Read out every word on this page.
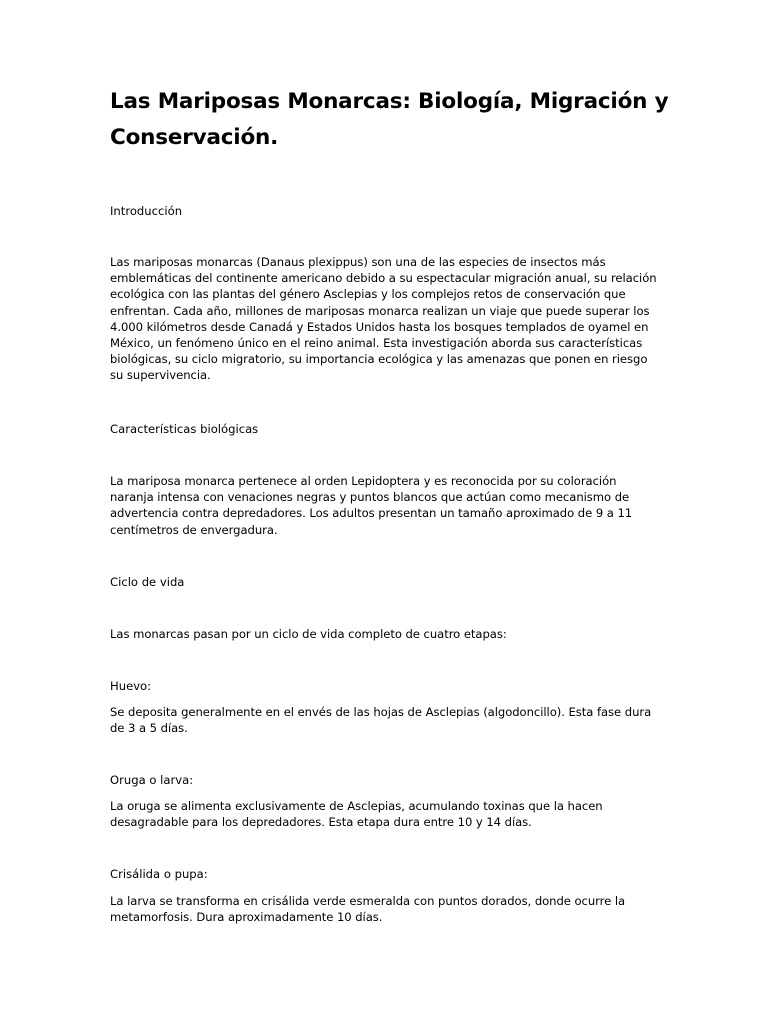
Las Mariposas Monarcas: Biología, Migración y Conservación.

Introducción

Las mariposas monarcas (Danaus plexippus) son una de las especies de insectos más emblemáticas del continente americano debido a su espectacular migración anual, su relación ecológica con las plantas del género Asclepias y los complejos retos de conservación que enfrentan. Cada año, millones de mariposas monarca realizan un viaje que puede superar los 4.000 kilómetros desde Canadá y Estados Unidos hasta los bosques templados de oyamel en México, un fenómeno único en el reino animal. Esta investigación aborda sus características biológicas, su ciclo migratorio, su importancia ecológica y las amenazas que ponen en riesgo su supervivencia.

Características biológicas

La mariposa monarca pertenece al orden Lepidoptera y es reconocida por su coloración naranja intensa con venaciones negras y puntos blancos que actúan como mecanismo de advertencia contra depredadores. Los adultos presentan un tamaño aproximado de 9 a 11 centímetros de envergadura.

Ciclo de vida

Las monarcas pasan por un ciclo de vida completo de cuatro etapas:

Huevo:

Se deposita generalmente en el envés de las hojas de Asclepias (algodoncillo). Esta fase dura de 3 a 5 días.

Oruga o larva:

La oruga se alimenta exclusivamente de Asclepias, acumulando toxinas que la hacen desagradable para los depredadores. Esta etapa dura entre 10 y 14 días.

Crisálida o pupa:

La larva se transforma en crisálida verde esmeralda con puntos dorados, donde ocurre la metamorfosis. Dura aproximadamente 10 días.
